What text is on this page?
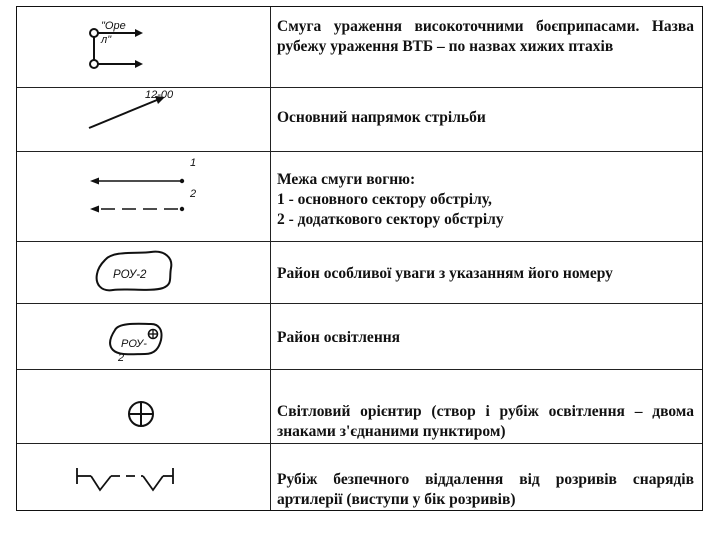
"Оре
л"
Смуга ураження високоточними боєприпасами. Назва
рубежу ураження ВТБ – по назвах хижих птахів
12-00
Основний напрямок стрільби
1
2
Межа смуги вогню:
1 - основного сектору обстрілу,
2 - додаткового сектору обстрілу
РОУ-2	Район особливої уваги з указанням його номеру
РОУ-
2
Район освітлення
Світловий орієнтир (створ і рубіж освітлення – двома
знаками з'єднаними пунктиром)
Рубіж безпечного віддалення від розривів снарядів
артилерії (виступи у бік розривів)
